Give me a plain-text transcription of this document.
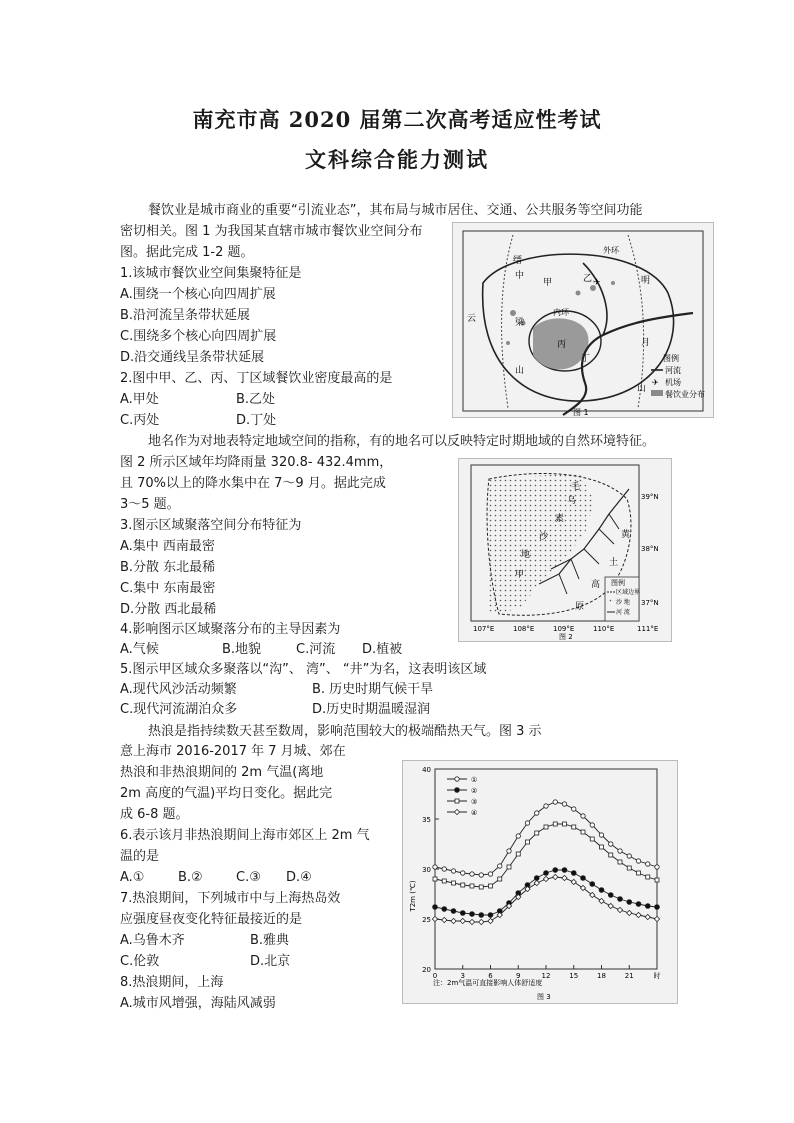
南充市高 2020 届第二次高考适应性考试
文科综合能力测试
餐饮业是城市商业的重要“引流业态”，其布局与城市居住、交通、公共服务等空间功能
密切相关。图 1 为我国某直辖市城市餐饮业空间分布
图。据此完成 1-2 题。
1.该城市餐饮业空间集聚特征是
A.围绕一个核心向四周扩展
B.沿河流呈条带状延展
C.围绕多个核心向四周扩展
D.沿交通线呈条带状延展
2.图中甲、乙、丙、丁区域餐饮业密度最高的是
A.甲处	B.乙处
C.丙处	D.丁处
缙
中
云	梁
山
明
月
山
外环
内环
甲	乙
丙
丁
✈
图例
河流
✈ 机场
餐饮业分布
图 1
地名作为对地表特定地域空间的指称，有的地名可以反映特定时期地域的自然环境特征。
图 2 所示区域年均降雨量 320.8- 432.4mm，
且 70%以上的降水集中在 7～9 月。据此完成
3～5 题。
3.图示区域聚落空间分布特征为
A.集中 西南最密
B.分散 东北最稀
C.集中 东南最密
D.分散 西北最稀
4.影响图示区域聚落分布的主导因素为
A.气候	B.地貌	C.河流 D.植被
5.图示甲区域众多聚落以“沟”、 湾”、 “井”为名，这表明该区域
A.现代风沙活动频繁	B. 历史时期气候干旱
C.现代河流湖泊众多	D.历史时期温暖湿润
毛
乌
素
沙
地
黄
土
高
原
甲
39°N
38°N
37°N
107°E	108°E	109°E	110°E	111°E
图例
区域边界
沙 地
河 流
图 2
热浪是指持续数天甚至数周，影响范围较大的极端酷热天气。图 3 示
意上海市 2016-2017 年 7 月城、郊在
热浪和非热浪期间的 2m 气温(离地
2m 高度的气温)平均日变化。据此完
成 6-8 题。
6.表示该月非热浪期间上海市郊区上 2m 气
温的是
A.①	B.②	C.③ D.④
7.热浪期间，下列城市中与上海热岛效
应强度昼夜变化特征最接近的是
A.乌鲁木齐	B.雅典
C.伦敦	D.北京
8.热浪期间，上海
A.城市风增强，海陆风减弱
20
25
30
35
40
0	3	6	9	12	15	18	21	时
①
②
③
④
T2m (℃)
注：2m气温可直接影响人体舒适度
图 3
